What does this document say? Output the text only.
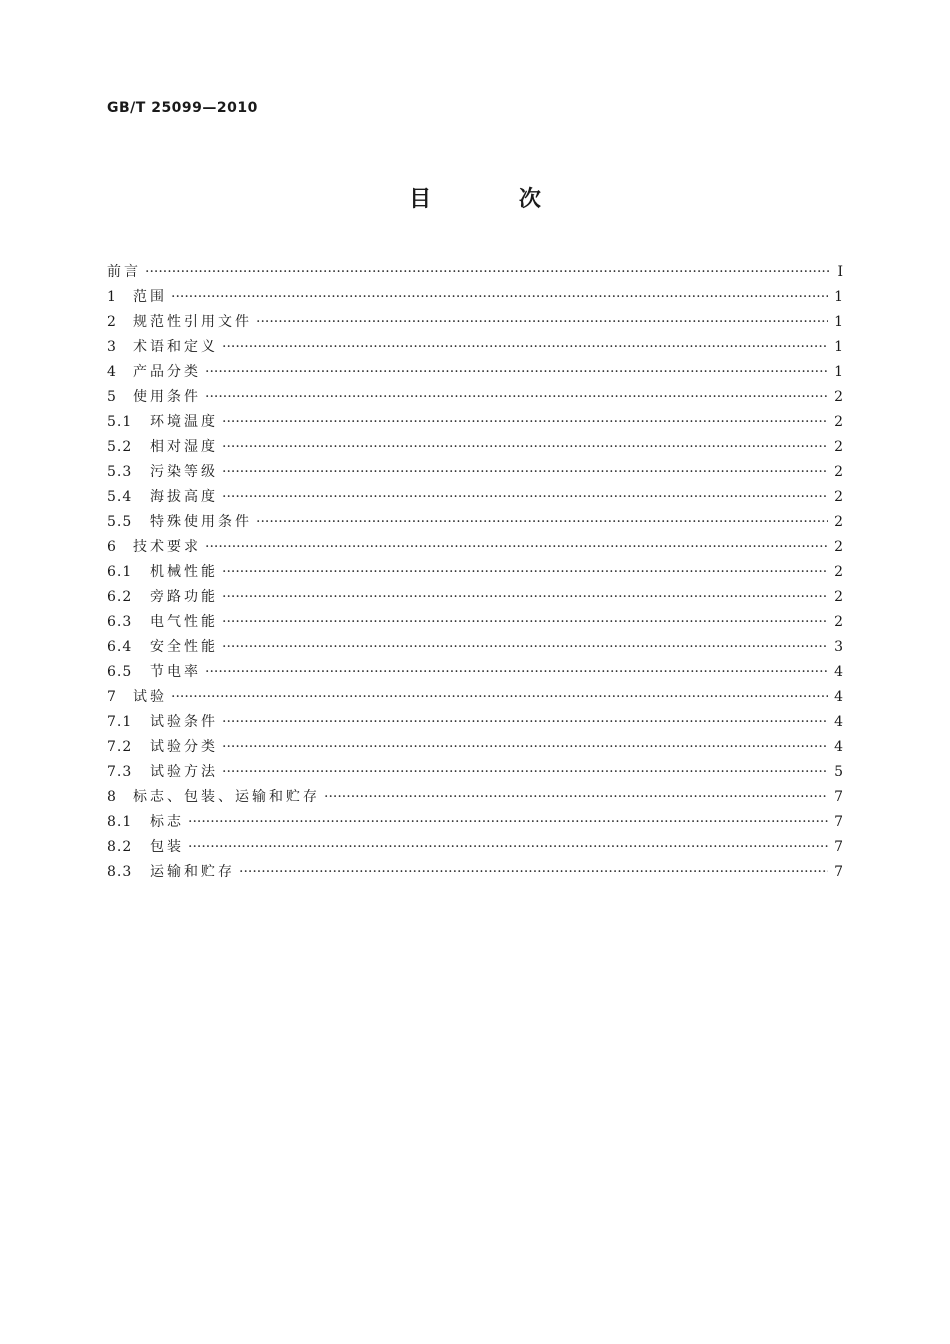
GB/T 25099—2010
目 次
前言 ·····	Ⅰ
1	范围 ·····	1
2	规范性引用文件 ·····	1
3	术语和定义 ·····	1
4	产品分类 ·····	1
5	使用条件 ·····	2
5.1	环境温度 ·····	2
5.2	相对湿度 ·····	2
5.3	污染等级 ·····	2
5.4	海拔高度 ·····	2
5.5	特殊使用条件 ·····	2
6	技术要求 ·····	2
6.1	机械性能 ·····	2
6.2	旁路功能 ·····	2
6.3	电气性能 ·····	2
6.4	安全性能 ·····	3
6.5	节电率 ·····	4
7	试验 ·····	4
7.1	试验条件 ·····	4
7.2	试验分类 ·····	4
7.3	试验方法 ·····	5
8	标志、包装、运输和贮存 ·····	7
8.1	标志 ·····	7
8.2	包装 ·····	7
8.3	运输和贮存 ·····	7
